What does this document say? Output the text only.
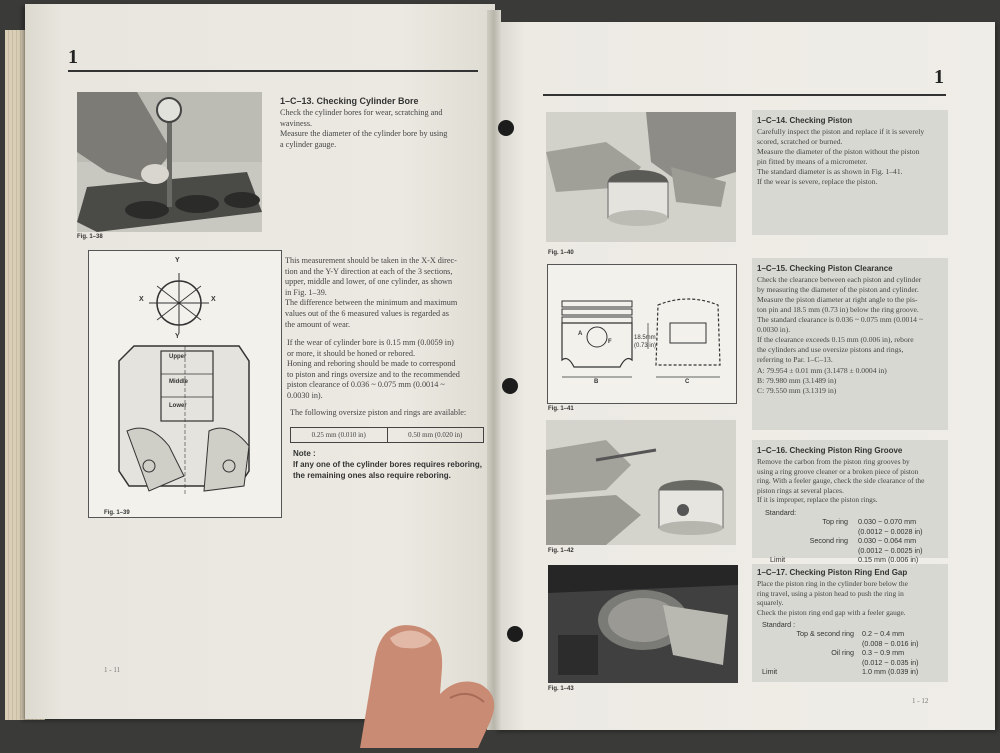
1
Fig. 1–38
Y
X	X
Y
Upper
Middle
Lower
Fig. 1–39
1–C–13. Checking Cylinder Bore
Check the cylinder bores for wear, scratching and
waviness.
Measure the diameter of the cylinder bore by using
a cylinder gauge.
This measurement should be taken in the X-X direc-
tion and the Y-Y direction at each of the 3 sections,
upper, middle and lower, of one cylinder, as shown
in Fig. 1–39.
The difference between the minimum and maximum
values out of the 6 measured values is regarded as
the amount of wear.
If the wear of cylinder bore is 0.15 mm (0.0059 in)
or more, it should be honed or rebored.
Honing and reboring should be made to correspond
to piston and rings oversize and to the recommended
piston clearance of 0.036 ~ 0.075 mm (0.0014 ~
0.0030 in).
The following oversize piston and rings are available:
0.25 mm (0.010 in)	0.50 mm (0.020 in)
Note :
If any one of the cylinder bores requires reboring,
the remaining ones also require reboring.
1 - 11
1
Fig. 1–40
18.5mm
(0.73 in)
A
F
B	C
Fig. 1–41
Fig. 1–42
Fig. 1–43
1–C–14. Checking Piston
Carefully inspect the piston and replace if it is severely
scored, scratched or burned.
Measure the diameter of the piston without the piston
pin fitted by means of a micrometer.
The standard diameter is as shown in Fig. 1–41.
If the wear is severe, replace the piston.
1–C–15. Checking Piston Clearance
Check the clearance between each piston and cylinder
by measuring the diameter of the piston and cylinder.
Measure the piston diameter at right angle to the pis-
ton pin and 18.5 mm (0.73 in) below the ring groove.
The standard clearance is 0.036 ~ 0.075 mm (0.0014 ~
0.0030 in).
If the clearance exceeds 0.15 mm (0.006 in), rebore
the cylinders and use oversize pistons and rings,
referring to Par. 1–C–13.
A: 79.954 ± 0.01 mm (3.1478 ± 0.0004 in)
B: 79.980 mm (3.1489 in)
C: 79.550 mm (3.1319 in)
1–C–16. Checking Piston Ring Groove
Remove the carbon from the piston ring grooves by
using a ring groove cleaner or a broken piece of piston
ring. With a feeler gauge, check the side clearance of the
piston rings at several places.
If it is improper, replace the piston rings.
Standard:
Top ring	0.030 ~ 0.070 mm
(0.0012 ~ 0.0028 in)
Second ring	0.030 ~ 0.064 mm
(0.0012 ~ 0.0025 in)
Limit	0.15 mm (0.006 in)
1–C–17. Checking Piston Ring End Gap
Place the piston ring in the cylinder bore below the
ring travel, using a piston head to push the ring in
squarely.
Check the piston ring end gap with a feeler gauge.
Standard :
Top & second ring	0.2 ~ 0.4 mm
(0.008 ~ 0.016 in)
Oil ring	0.3 ~ 0.9 mm
(0.012 ~ 0.035 in)
Limit	1.0 mm (0.039 in)
1 - 12
